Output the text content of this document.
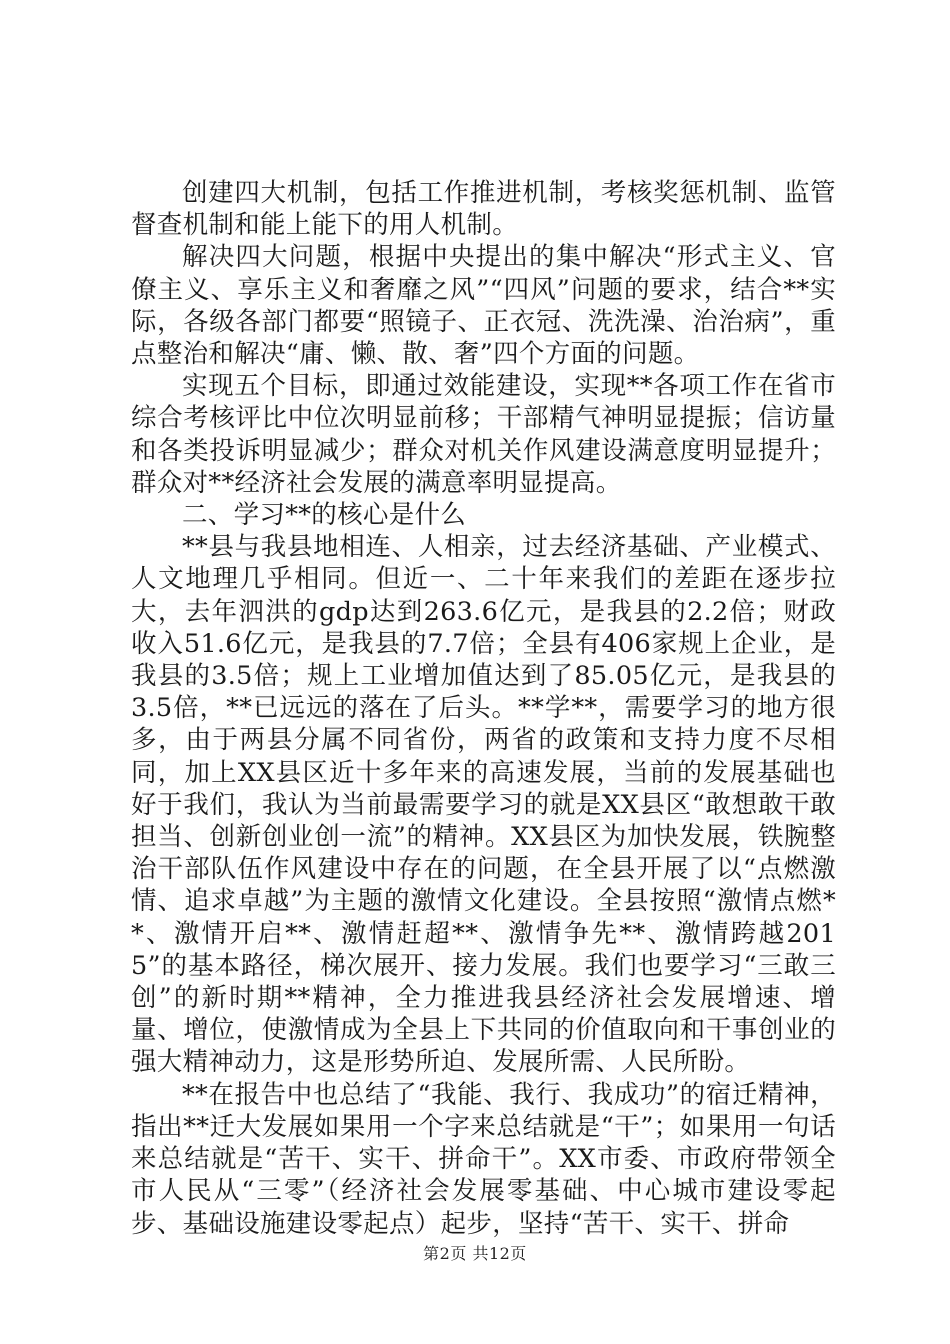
创建四大机制，包括工作推进机制，考核奖惩机制、监管督查机制和能上能下的用人机制。

解决四大问题，根据中央提出的集中解决“形式主义、官僚主义、享乐主义和奢靡之风”“四风”问题的要求，结合**实际，各级各部门都要“照镜子、正衣冠、洗洗澡、治治病”，重点整治和解决“庸、懒、散、奢”四个方面的问题。

实现五个目标，即通过效能建设，实现**各项工作在省市综合考核评比中位次明显前移；干部精气神明显提振；信访量和各类投诉明显减少；群众对机关作风建设满意度明显提升；群众对**经济社会发展的满意率明显提高。

二、学习**的核心是什么

**县与我县地相连、人相亲，过去经济基础、产业模式、人文地理几乎相同。但近一、二十年来我们的差距在逐步拉大，去年泗洪的gdp达到263.6亿元，是我县的2.2倍；财政收入51.6亿元，是我县的7.7倍；全县有406家规上企业，是我县的3.5倍；规上工业增加值达到了85.05亿元，是我县的3.5倍，**已远远的落在了后头。**学**，需要学习的地方很多，由于两县分属不同省份，两省的政策和支持力度不尽相同，加上XX县区近十多年来的高速发展，当前的发展基础也好于我们，我认为当前最需要学习的就是XX县区“敢想敢干敢担当、创新创业创一流”的精神。XX县区为加快发展，铁腕整治干部队伍作风建设中存在的问题，在全县开展了以“点燃激情、追求卓越”为主题的激情文化建设。全县按照“激情点燃**、激情开启**、激情赶超**、激情争先**、激情跨越2015”的基本路径，梯次展开、接力发展。我们也要学习“三敢三创”的新时期**精神，全力推进我县经济社会发展增速、增量、增位，使激情成为全县上下共同的价值取向和干事创业的强大精神动力，这是形势所迫、发展所需、人民所盼。

**在报告中也总结了“我能、我行、我成功”的宿迁精神，指出**迁大发展如果用一个字来总结就是“干”；如果用一句话来总结就是“苦干、实干、拼命干”。XX市委、市政府带领全市人民从“三零”（经济社会发展零基础、中心城市建设零起步、基础设施建设零起点）起步，坚持“苦干、实干、拼命

第2页 共12页
